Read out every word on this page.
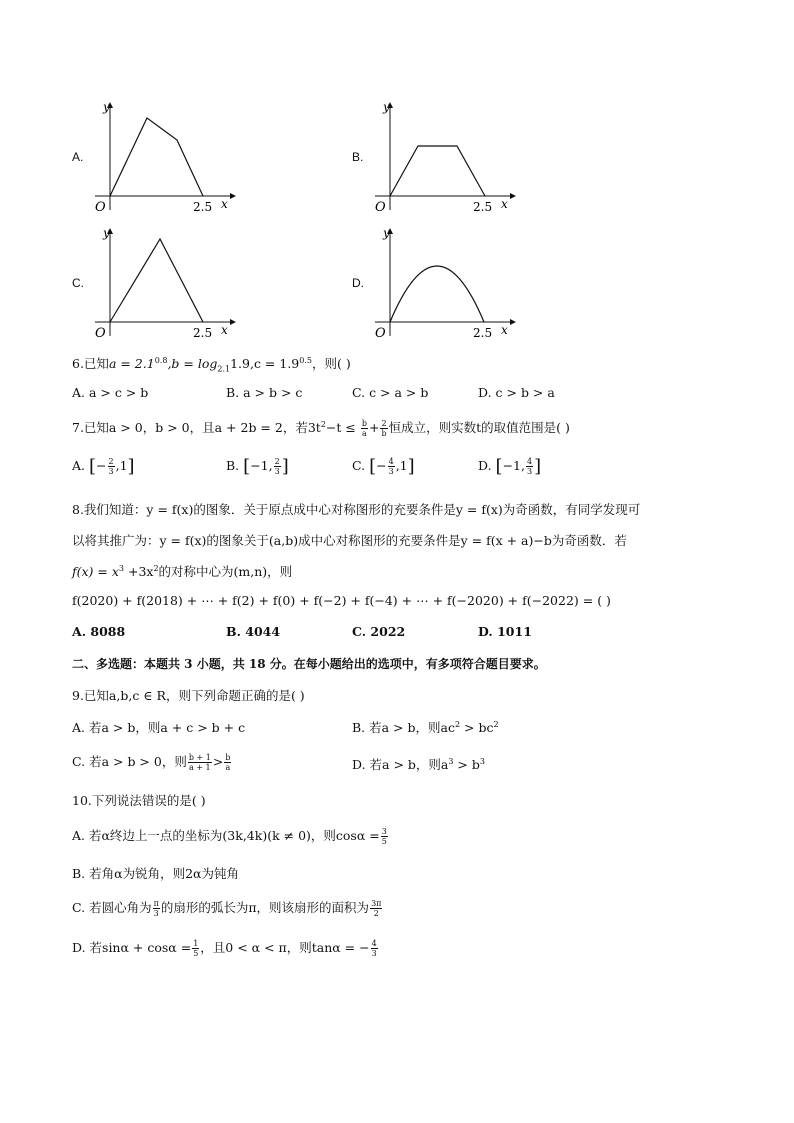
A.
y
O	2.5 x
B.
y
O	2.5 x
C.
y
O	2.5 x
D.
y
O	2.5 x
6.已知$a = 2.1^{0.8},b = \log_{2.1}1.9,c = 1.9^{0.5}$，则( )
A. a > c > b	B. a > b > c	C. c > a > b	D. c > b > a
7.已知a > 0，b > 0，且a + 2b = 2，若$3t^2-t \le \frac{b}{a} + \frac{2}{b}$ 恒成立，则实数t的取值范围是( )
A. [− $\frac{2}{3} ,1$]	B. [−1, $\frac{2}{3}$ ]	C. [− $\frac{4}{3} ,1$]	D. [−1, $\frac{4}{3}$ ]
8.我们知道：y = f(x)的图象．关于原点成中心对称图形的充要条件是y = f(x)为奇函数，有同学发现可
以将其推广为：y = f(x)的图象关于(a,b)成中心对称图形的充要条件是y = f(x + a)−b为奇函数．若
$f(x) = x^3 +3x^2$的对称中心为(m,n)，则
f(2020) + f(2018) + ⋯ + f(2) + f(0) + f(−2) + f(−4) + ⋯ + f(−2020) + f(−2022) = ( )
A. 8088	B. 4044	C. 2022	D. 1011
二、多选题：本题共 3 小题，共 18 分。在每小题给出的选项中，有多项符合题目要求。
9.已知a,b,c ∈ R，则下列命题正确的是( )
A. 若a > b，则a + c > b + c	B. 若a > b，则$ac^2 > bc^2$
C. 若a > b > 0，则 $\frac{b + 1}{a + 1} > \frac{b}{a}$	D. 若a > b，则$a^3 > b^3$
10.下列说法错误的是( )
A. 若α终边上一点的坐标为(3k,4k)(k ≠ 0)，则$\cos\alpha = \frac{3}{5}$
B. 若角α为锐角，则2α为钝角
C. 若圆心角为 $\frac{\pi}{3}$ 的扇形的弧长为π，则该扇形的面积为 $\frac{3\pi}{2}$
D. 若$\sin\alpha + \cos\alpha = \frac{1}{5}$ ，且0 < α < π，则tanα = − $\frac{4}{3}$
